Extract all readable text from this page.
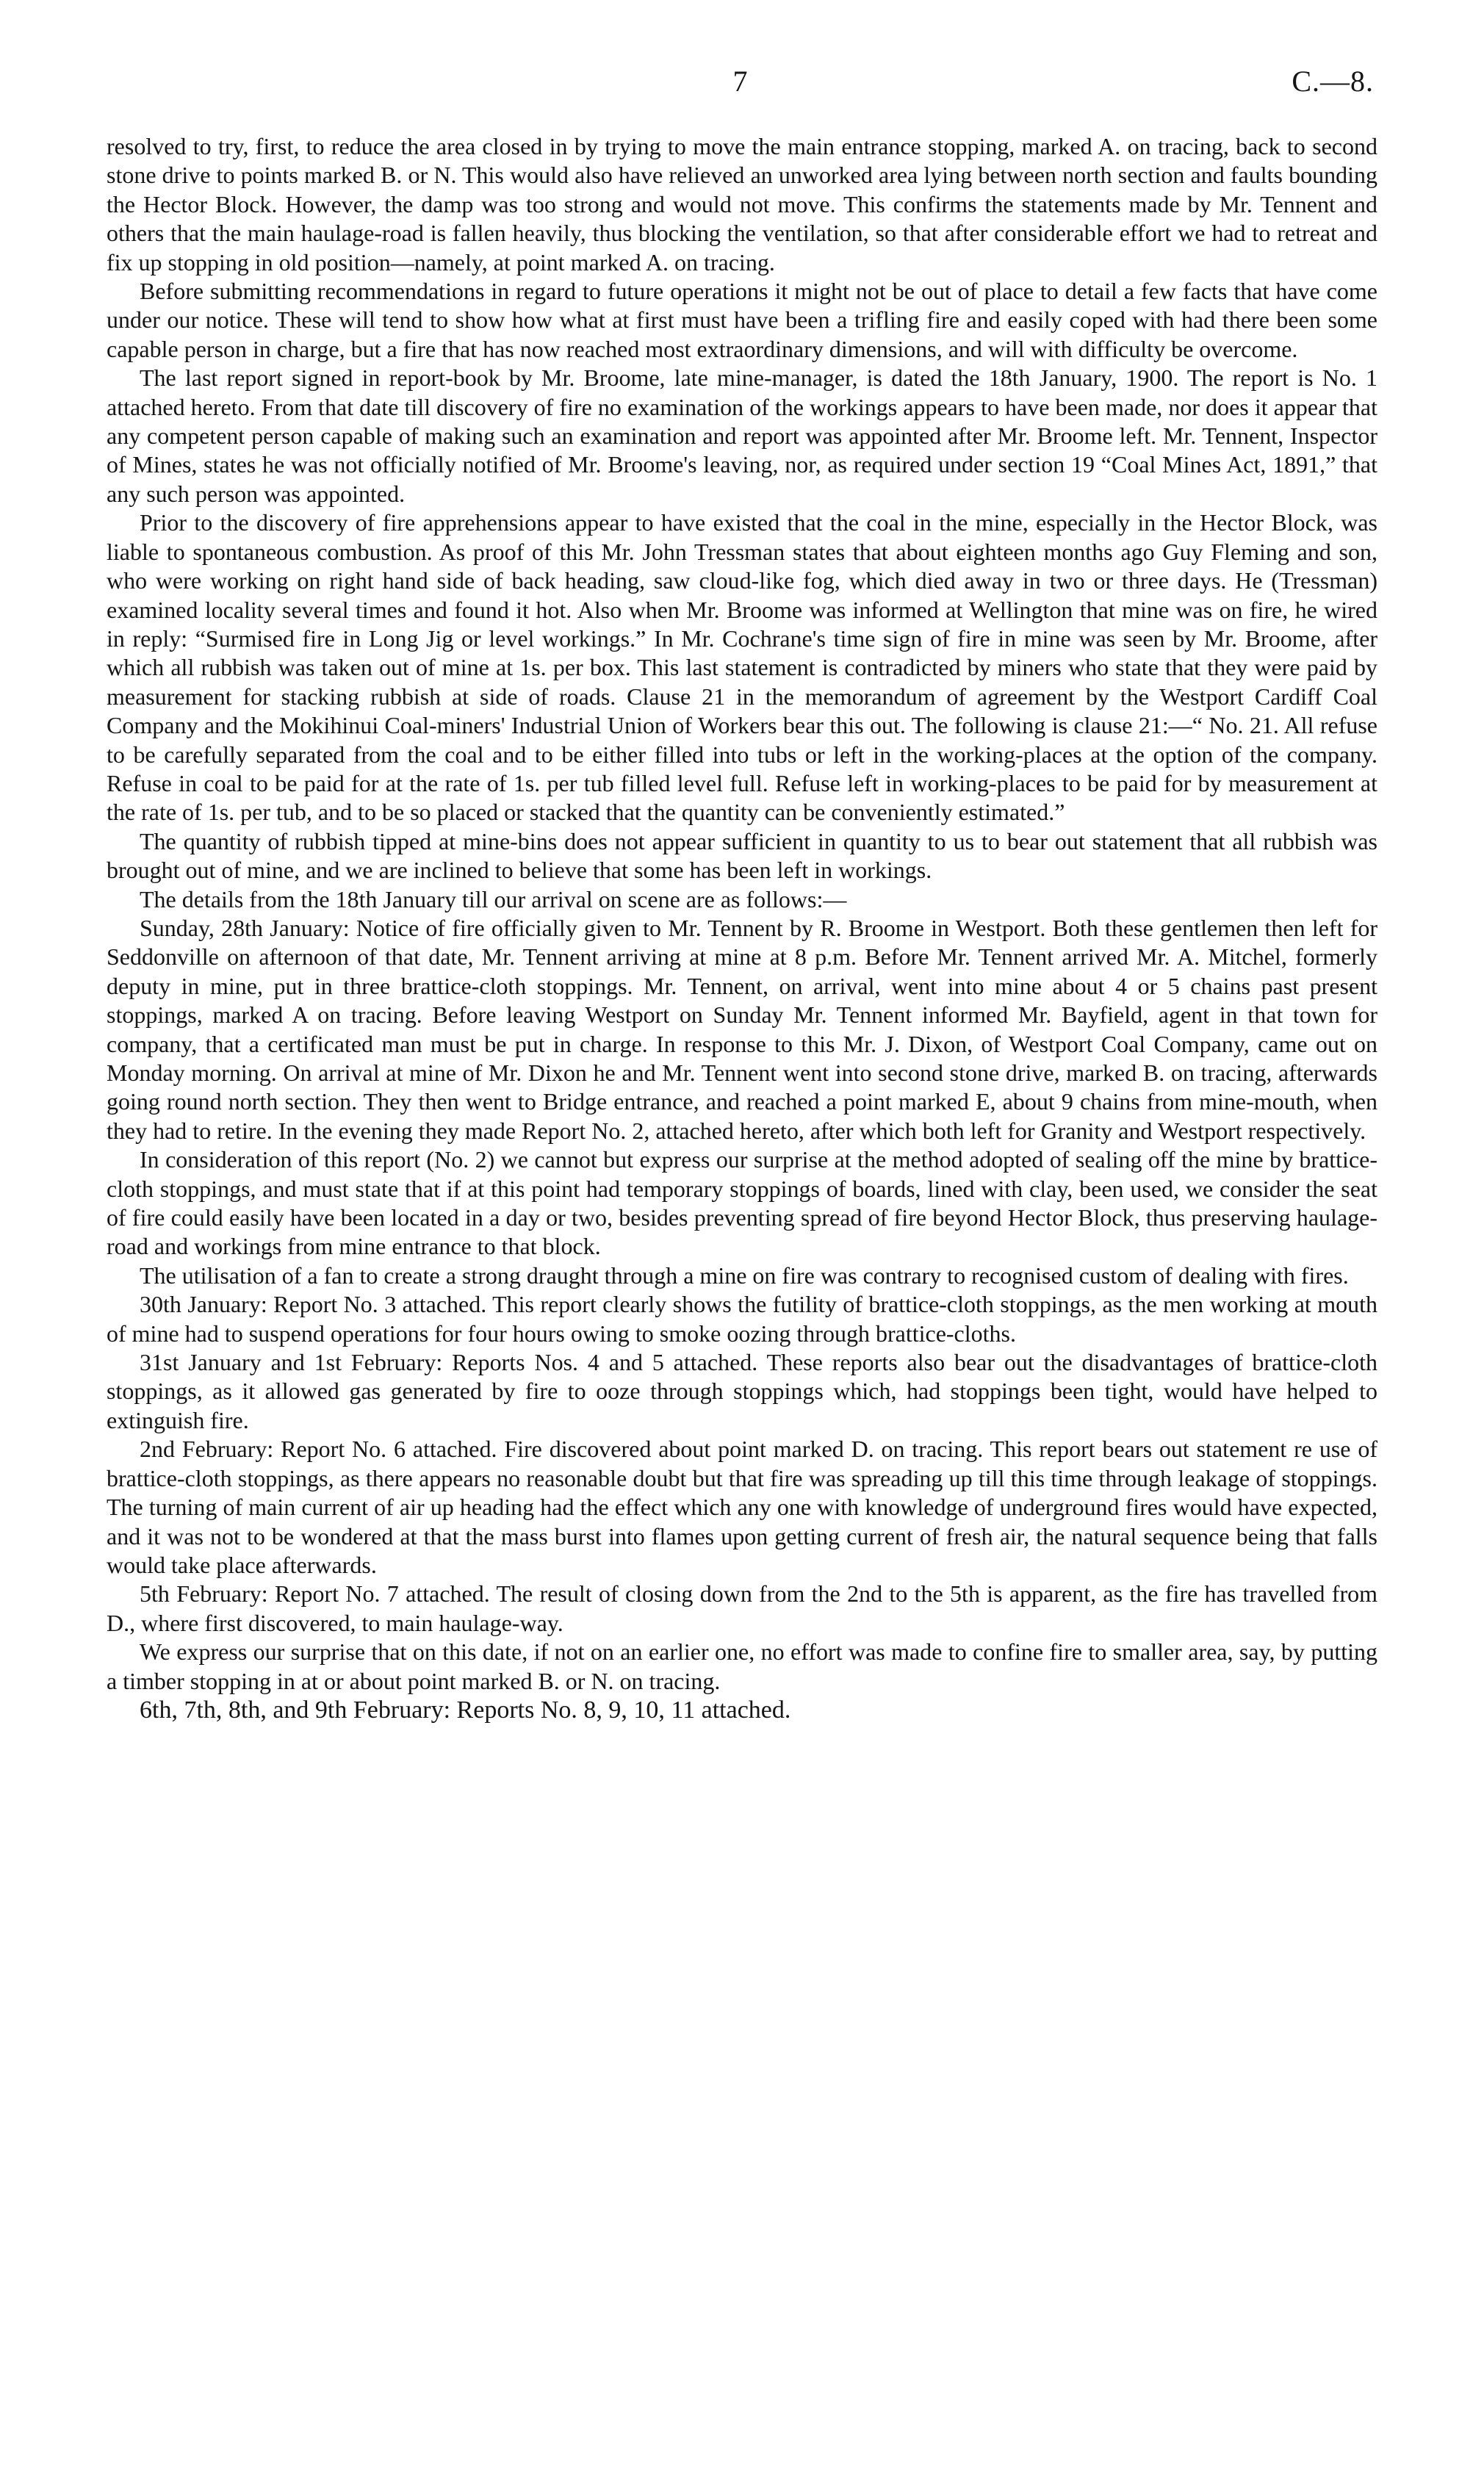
7	C.—8.

resolved to try, first, to reduce the area closed in by trying to move the main entrance stopping, marked A. on tracing, back to second stone drive to points marked B. or N. This would also have relieved an unworked area lying between north section and faults bounding the Hector Block. However, the damp was too strong and would not move. This confirms the statements made by Mr. Tennent and others that the main haulage-road is fallen heavily, thus blocking the ventilation, so that after considerable effort we had to retreat and fix up stopping in old position—namely, at point marked A. on tracing.

Before submitting recommendations in regard to future operations it might not be out of place to detail a few facts that have come under our notice. These will tend to show how what at first must have been a trifling fire and easily coped with had there been some capable person in charge, but a fire that has now reached most extraordinary dimensions, and will with difficulty be overcome.

The last report signed in report-book by Mr. Broome, late mine-manager, is dated the 18th January, 1900. The report is No. 1 attached hereto. From that date till discovery of fire no examination of the workings appears to have been made, nor does it appear that any competent person capable of making such an examination and report was appointed after Mr. Broome left. Mr. Tennent, Inspector of Mines, states he was not officially notified of Mr. Broome's leaving, nor, as required under section 19 “Coal Mines Act, 1891,” that any such person was appointed.

Prior to the discovery of fire apprehensions appear to have existed that the coal in the mine, especially in the Hector Block, was liable to spontaneous combustion. As proof of this Mr. John Tressman states that about eighteen months ago Guy Fleming and son, who were working on right hand side of back heading, saw cloud-like fog, which died away in two or three days. He (Tressman) examined locality several times and found it hot. Also when Mr. Broome was informed at Wellington that mine was on fire, he wired in reply: “Surmised fire in Long Jig or level workings.” In Mr. Cochrane's time sign of fire in mine was seen by Mr. Broome, after which all rubbish was taken out of mine at 1s. per box. This last statement is contradicted by miners who state that they were paid by measurement for stacking rubbish at side of roads. Clause 21 in the memorandum of agreement by the Westport Cardiff Coal Company and the Mokihinui Coal-miners' Industrial Union of Workers bear this out. The following is clause 21:—“ No. 21. All refuse to be carefully separated from the coal and to be either filled into tubs or left in the working-places at the option of the company. Refuse in coal to be paid for at the rate of 1s. per tub filled level full. Refuse left in working-places to be paid for by measurement at the rate of 1s. per tub, and to be so placed or stacked that the quantity can be conveniently estimated.”

The quantity of rubbish tipped at mine-bins does not appear sufficient in quantity to us to bear out statement that all rubbish was brought out of mine, and we are inclined to believe that some has been left in workings.

The details from the 18th January till our arrival on scene are as follows:—

Sunday, 28th January: Notice of fire officially given to Mr. Tennent by R. Broome in Westport. Both these gentlemen then left for Seddonville on afternoon of that date, Mr. Tennent arriving at mine at 8 p.m. Before Mr. Tennent arrived Mr. A. Mitchel, formerly deputy in mine, put in three brattice-cloth stoppings. Mr. Tennent, on arrival, went into mine about 4 or 5 chains past present stoppings, marked A on tracing. Before leaving Westport on Sunday Mr. Tennent informed Mr. Bayfield, agent in that town for company, that a certificated man must be put in charge. In response to this Mr. J. Dixon, of Westport Coal Company, came out on Monday morning. On arrival at mine of Mr. Dixon he and Mr. Tennent went into second stone drive, marked B. on tracing, afterwards going round north section. They then went to Bridge entrance, and reached a point marked E, about 9 chains from mine-mouth, when they had to retire. In the evening they made Report No. 2, attached hereto, after which both left for Granity and Westport respectively.

In consideration of this report (No. 2) we cannot but express our surprise at the method adopted of sealing off the mine by brattice-cloth stoppings, and must state that if at this point had temporary stoppings of boards, lined with clay, been used, we consider the seat of fire could easily have been located in a day or two, besides preventing spread of fire beyond Hector Block, thus preserving haulage-road and workings from mine entrance to that block.

The utilisation of a fan to create a strong draught through a mine on fire was contrary to recognised custom of dealing with fires.

30th January: Report No. 3 attached. This report clearly shows the futility of brattice-cloth stoppings, as the men working at mouth of mine had to suspend operations for four hours owing to smoke oozing through brattice-cloths.

31st January and 1st February: Reports Nos. 4 and 5 attached. These reports also bear out the disadvantages of brattice-cloth stoppings, as it allowed gas generated by fire to ooze through stoppings which, had stoppings been tight, would have helped to extinguish fire.

2nd February: Report No. 6 attached. Fire discovered about point marked D. on tracing. This report bears out statement re use of brattice-cloth stoppings, as there appears no reasonable doubt but that fire was spreading up till this time through leakage of stoppings. The turning of main current of air up heading had the effect which any one with knowledge of underground fires would have expected, and it was not to be wondered at that the mass burst into flames upon getting current of fresh air, the natural sequence being that falls would take place afterwards.

5th February: Report No. 7 attached. The result of closing down from the 2nd to the 5th is apparent, as the fire has travelled from D., where first discovered, to main haulage-way.

We express our surprise that on this date, if not on an earlier one, no effort was made to confine fire to smaller area, say, by putting a timber stopping in at or about point marked B. or N. on tracing.

6th, 7th, 8th, and 9th February: Reports No. 8, 9, 10, 11 attached.
